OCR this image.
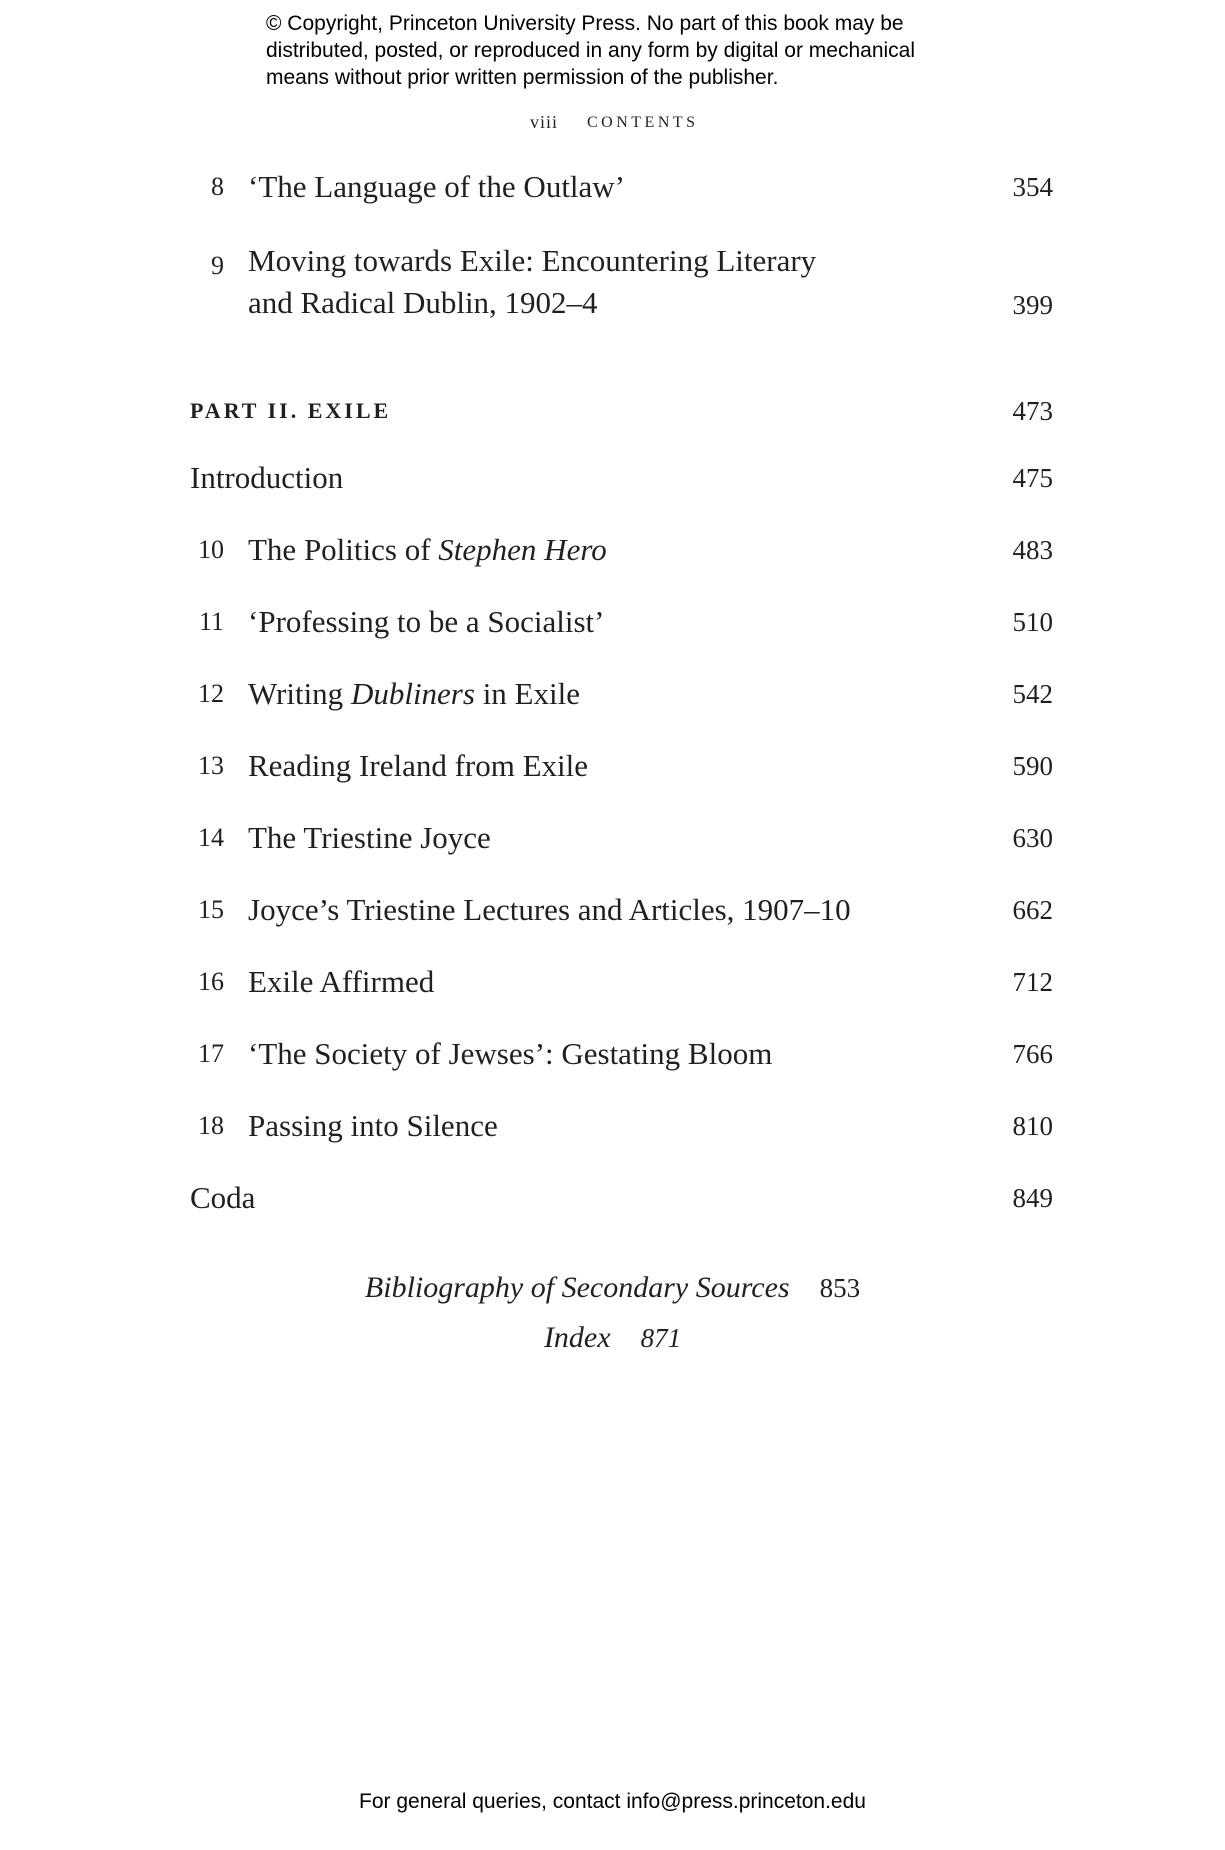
© Copyright, Princeton University Press. No part of this book may be
distributed, posted, or reproduced in any form by digital or mechanical
means without prior written permission of the publisher.
viii CONTENTS
8 ‘The Language of the Outlaw’	354
9 Moving towards Exile: Encountering Literary
and Radical Dublin, 1902–4	399
PART II. EXILE	473
Introduction	475
10 The Politics of Stephen Hero	483
11 ‘Professing to be a Socialist’	510
12 Writing Dubliners in Exile	542
13 Reading Ireland from Exile	590
14 The Triestine Joyce	630
15 Joyce’s Triestine Lectures and Articles, 1907–10	662
16 Exile Affirmed	712
17 ‘The Society of Jewses’: Gestating Bloom	766
18 Passing into Silence	810
Coda	849
Bibliography of Secondary Sources 853
Index 871
For general queries, contact info@press.princeton.edu
